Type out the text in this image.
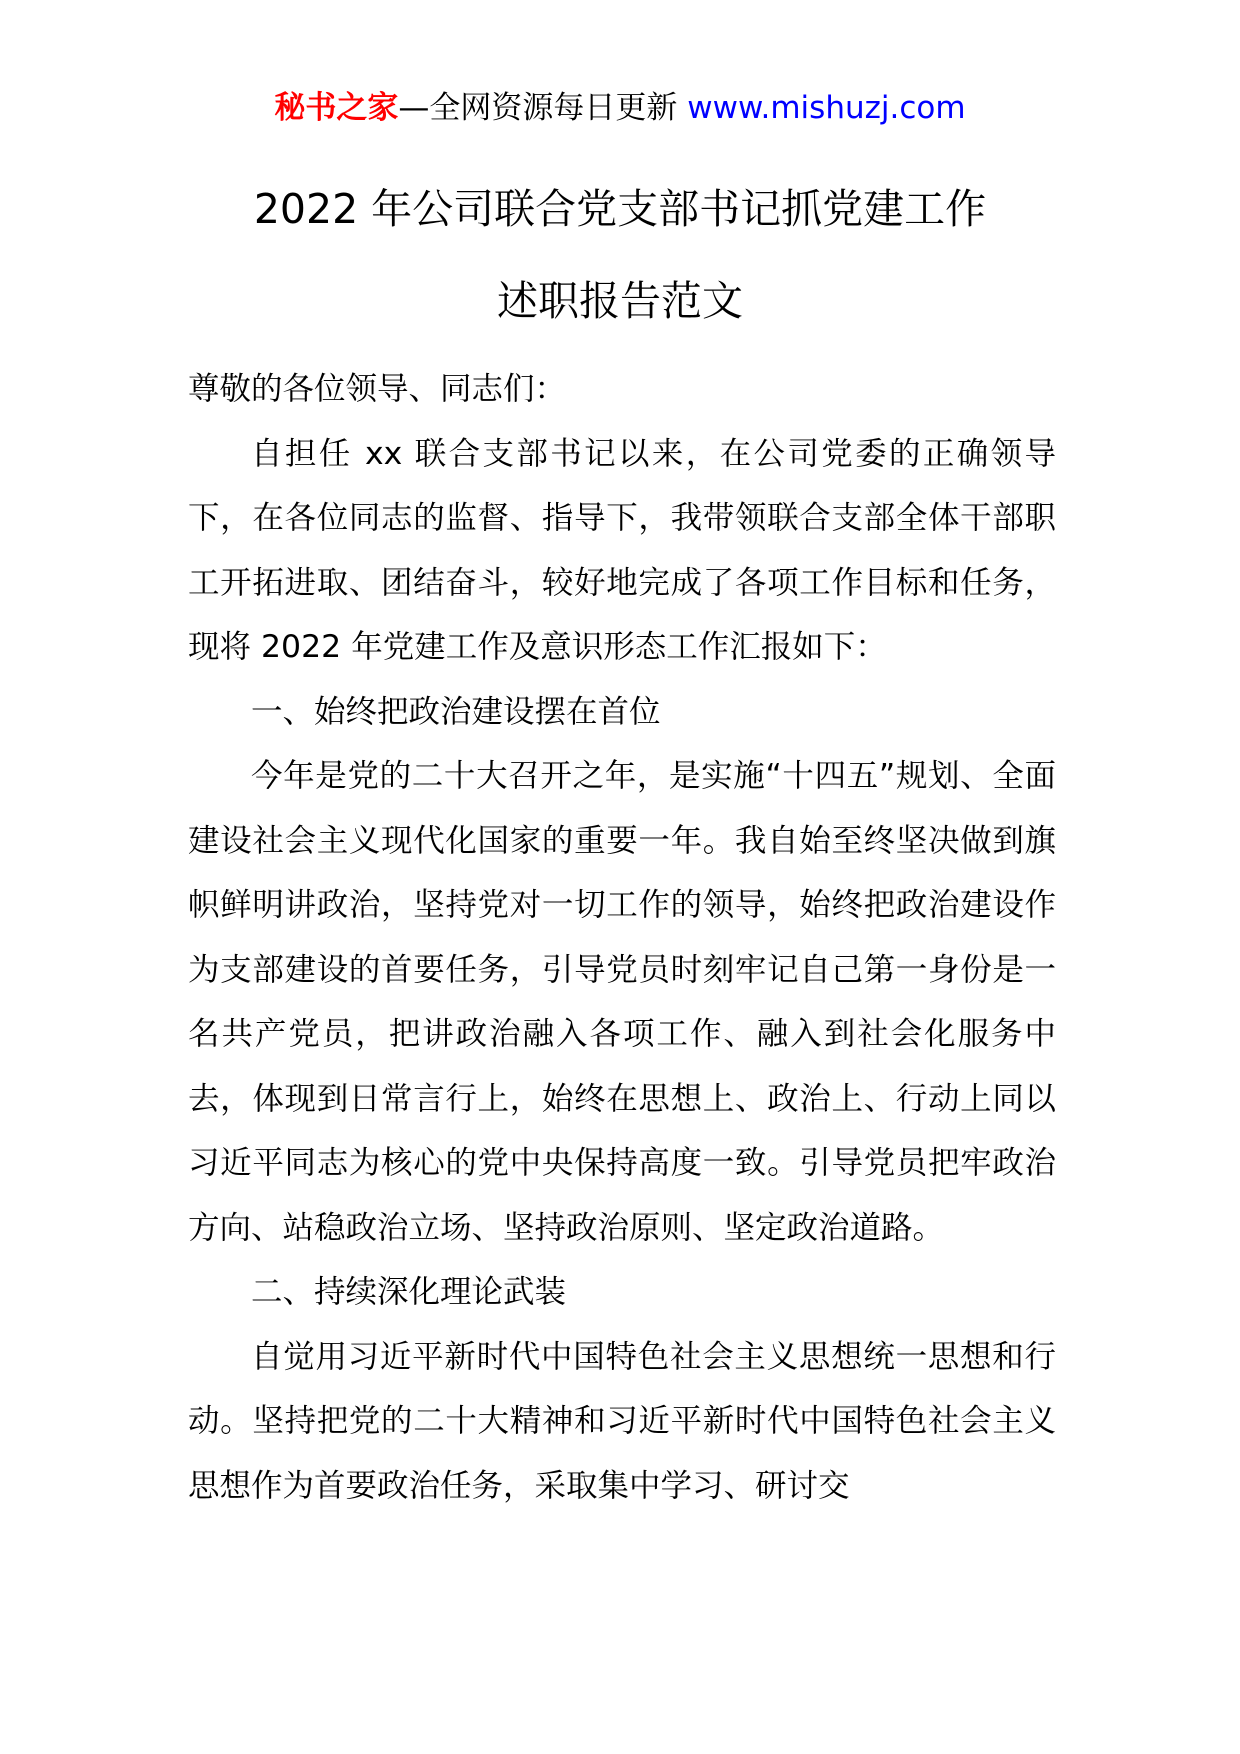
秘书之家—全网资源每日更新 www.mishuzj.com
2022 年公司联合党支部书记抓党建工作
述职报告范文

尊敬的各位领导、同志们：

自担任 xx 联合支部书记以来，在公司党委的正确领导下，在各位同志的监督、指导下，我带领联合支部全体干部职工开拓进取、团结奋斗，较好地完成了各项工作目标和任务，现将 2022 年党建工作及意识形态工作汇报如下：

一、始终把政治建设摆在首位

今年是党的二十大召开之年，是实施“十四五”规划、全面建设社会主义现代化国家的重要一年。我自始至终坚决做到旗帜鲜明讲政治，坚持党对一切工作的领导，始终把政治建设作为支部建设的首要任务，引导党员时刻牢记自己第一身份是一名共产党员，把讲政治融入各项工作、融入到社会化服务中去，体现到日常言行上，始终在思想上、政治上、行动上同以习近平同志为核心的党中央保持高度一致。引导党员把牢政治方向、站稳政治立场、坚持政治原则、坚定政治道路。

二、持续深化理论武装

自觉用习近平新时代中国特色社会主义思想统一思想和行动。坚持把党的二十大精神和习近平新时代中国特色社会主义思想作为首要政治任务，采取集中学习、研讨交
